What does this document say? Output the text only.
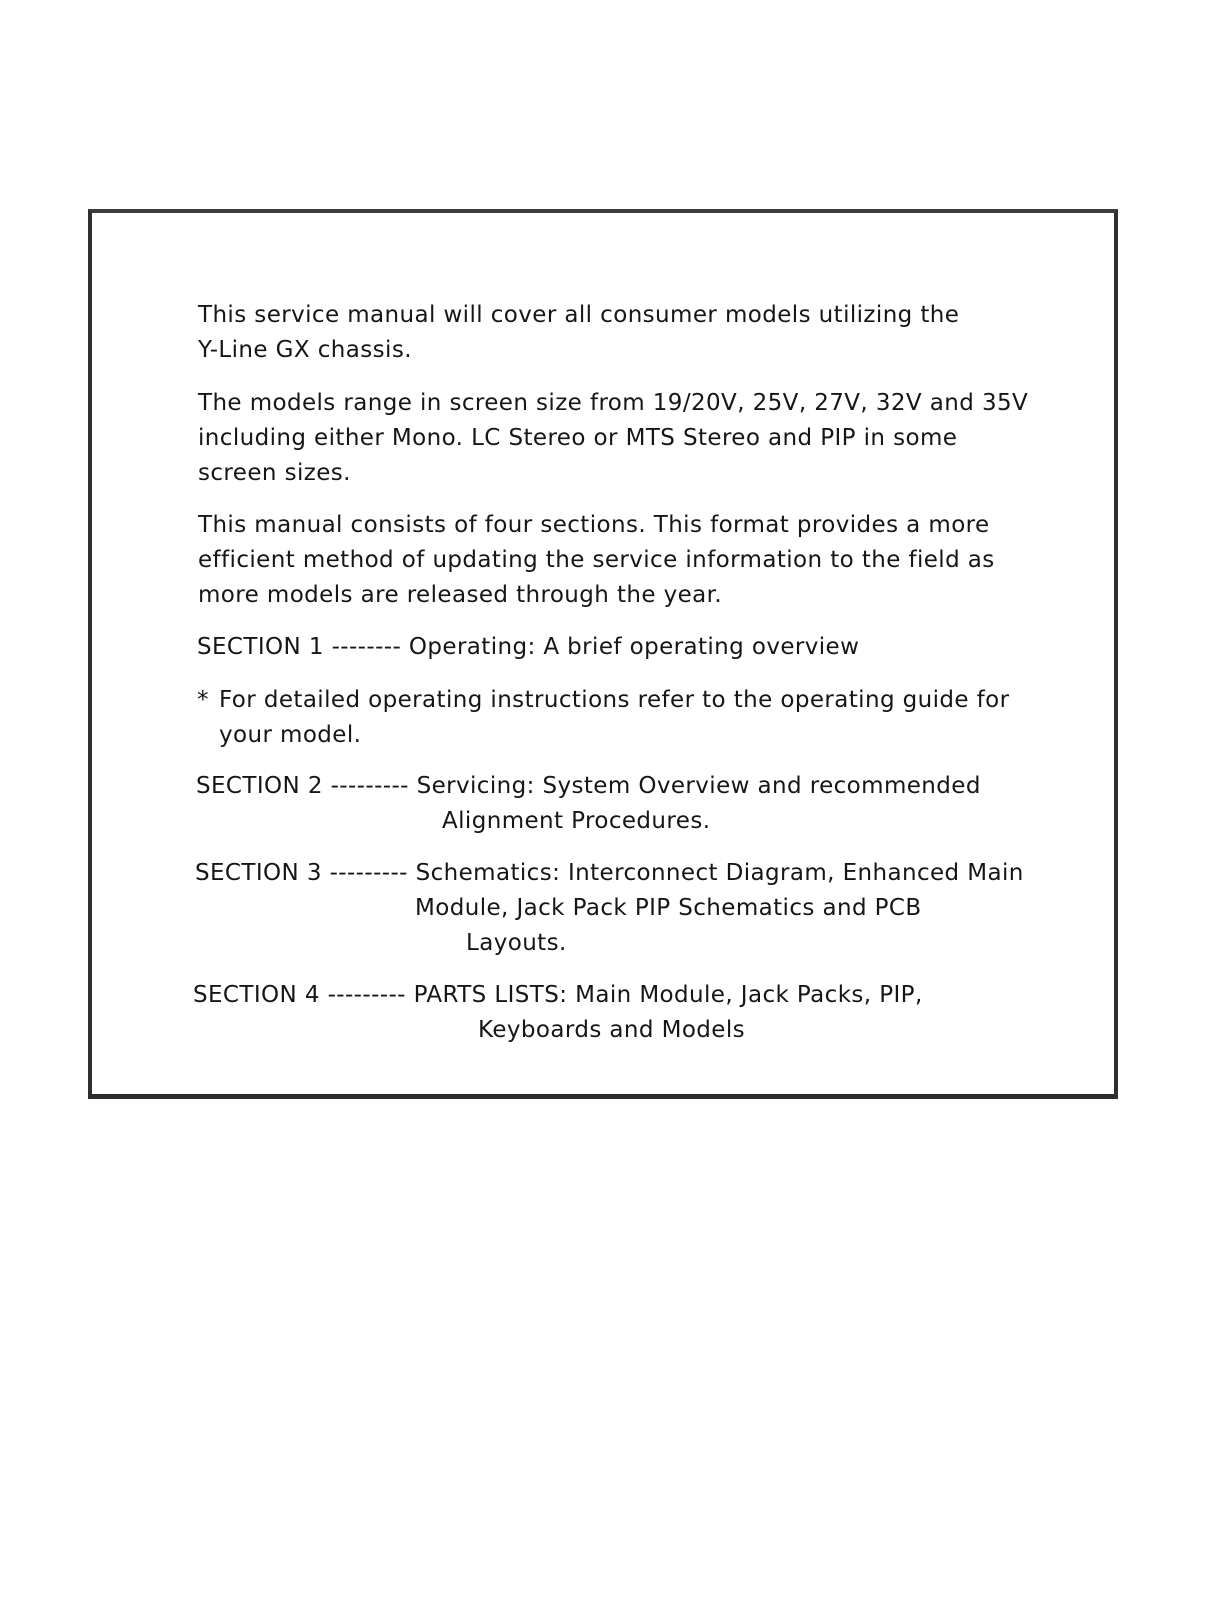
This service manual will cover all consumer models utilizing the
Y-Line GX chassis.

The models range in screen size from 19/20V, 25V, 27V, 32V and 35V
including either Mono. LC Stereo or MTS Stereo and PIP in some
screen sizes.

This manual consists of four sections. This format provides a more
efficient method of updating the service information to the field as
more models are released through the year.

SECTION 1 -------- Operating: A brief operating overview

* For detailed operating instructions refer to the operating guide for
your model.

SECTION 2 --------- Servicing: System Overview and recommended

Alignment Procedures.

SECTION 3 --------- Schematics: Interconnect Diagram, Enhanced Main

Module, Jack Pack PIP Schematics and PCB

Layouts.

SECTION 4 --------- PARTS LISTS: Main Module, Jack Packs, PIP,

Keyboards and Models
